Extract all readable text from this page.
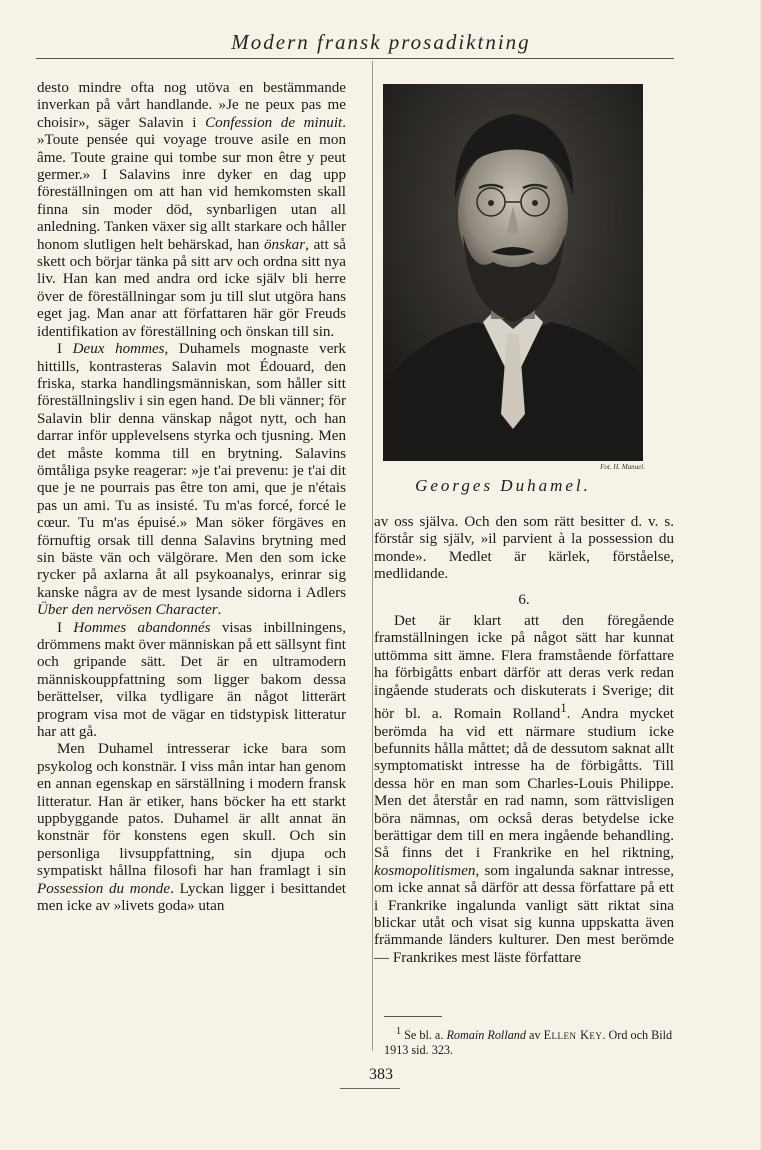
Modern fransk prosadiktning

desto mindre ofta nog utöva en bestämmande inverkan på vårt handlande. »Je ne peux pas me choisir», säger Salavin i Confession de minuit. »Toute pensée qui voyage trouve asile en mon âme. Toute graine qui tombe sur mon être y peut germer.» I Salavins inre dyker en dag upp föreställningen om att han vid hemkomsten skall finna sin moder död, synbarligen utan all anledning. Tanken växer sig allt starkare och håller honom slutligen helt behärskad, han önskar, att så skett och börjar tänka på sitt arv och ordna sitt nya liv. Han kan med andra ord icke själv bli herre över de föreställningar som ju till slut utgöra hans eget jag. Man anar att författaren här gör Freuds identifikation av föreställning och önskan till sin.

I Deux hommes, Duhamels mognaste verk hittills, kontrasteras Salavin mot Édouard, den friska, starka handlingsmänniskan, som håller sitt föreställningsliv i sin egen hand. De bli vänner; för Salavin blir denna vänskap något nytt, och han darrar inför upplevelsens styrka och tjusning. Men det måste komma till en brytning. Salavins ömtåliga psyke reagerar: »je t'ai prevenu: je t'ai dit que je ne pourrais pas être ton ami, que je n'étais pas un ami. Tu as insisté. Tu m'as forcé, forcé le cœur. Tu m'as épuisé.» Man söker förgäves en förnuftig orsak till denna Salavins brytning med sin bäste vän och välgörare. Men den som icke rycker på axlarna åt all psykoanalys, erinrar sig kanske några av de mest lysande sidorna i Adlers Über den nervösen Character.

I Hommes abandonnés visas inbillningens, drömmens makt över människan på ett sällsynt fint och gripande sätt. Det är en ultramodern människouppfattning som ligger bakom dessa berättelser, vilka tydligare än något litterärt program visa mot de vägar en tidstypisk litteratur har att gå.

Men Duhamel intresserar icke bara som psykolog och konstnär. I viss mån intar han genom en annan egenskap en särställning i modern fransk litteratur. Han är etiker, hans böcker ha ett starkt uppbyggande patos. Duhamel är allt annat än konstnär för konstens egen skull. Och sin personliga livsuppfattning, sin djupa och sympatiskt hållna filosofi har han framlagt i sin Possession du monde. Lyckan ligger i besittandet men icke av »livets goda» utan

Fot. H. Manuel.
Georges Duhamel.

av oss själva. Och den som rätt besitter d. v. s. förstår sig själv, »il parvient à la possession du monde». Medlet är kärlek, förståelse, medlidande.

6.

Det är klart att den föregående framställningen icke på något sätt har kunnat uttömma sitt ämne. Flera framstående författare ha förbigåtts enbart därför att deras verk redan ingående studerats och diskuterats i Sverige; dit hör bl. a. Romain Rolland$^1$. Andra mycket berömda ha vid ett närmare studium icke befunnits hålla måttet; då de dessutom saknat allt symptomatiskt intresse ha de förbigåtts. Till dessa hör en man som Charles-Louis Philippe. Men det återstår en rad namn, som rättvisligen böra nämnas, om också deras betydelse icke berättigar dem till en mera ingående behandling. Så finns det i Frankrike en hel riktning, kosmopolitismen, som ingalunda saknar intresse, om icke annat så därför att dessa författare på ett i Frankrike ingalunda vanligt sätt riktat sina blickar utåt och visat sig kunna uppskatta även främmande länders kulturer. Den mest berömde — Frankrikes mest läste författare

$^1$ Se bl. a. Romain Rolland av Ellen Key. Ord och Bild 1913 sid. 323.
383
